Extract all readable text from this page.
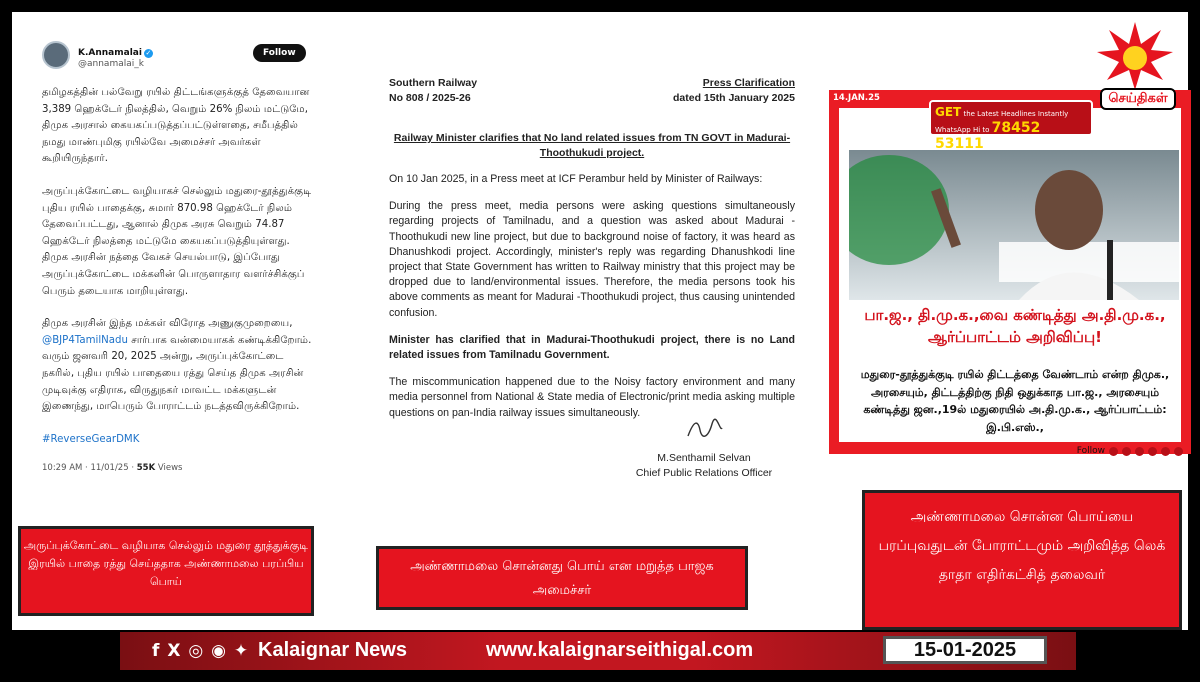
K.Annamalai ✓
@annamalai_k
Follow

தமிழகத்தின் பல்வேறு ரயில் திட்டங்களுக்குத் தேவையான 3,389 ஹெக்டேர் நிலத்தில், வெறும் 26% நிலம் மட்டுமே, திமுக அரசால் கையகப்படுத்தப்பட்டுள்ளதை, சமீபத்தில் நமது மாண்புமிகு ரயில்வே அமைச்சர் அவர்கள் கூறியிருந்தார்.

அருப்புக்கோட்டை வழியாகச் செல்லும் மதுரை-தூத்துக்குடி புதிய ரயில் பாதைக்கு, சுமார் 870.98 ஹெக்டேர் நிலம் தேவைப்பட்டது, ஆனால் திமுக அரசு வெறும் 74.87 ஹெக்டேர் நிலத்தை மட்டுமே கையகப்படுத்தியுள்ளது. திமுக அரசின் நத்தை வேகச் செயல்பாடு, இப்போது அருப்புக்கோட்டை மக்களின் பொருளாதார வளர்ச்சிக்குப் பெரும் தடையாக மாறியுள்ளது.

திமுக அரசின் இந்த மக்கள் விரோத அணுகுமுறையை, @BJP4TamilNadu சார்பாக வன்மையாகக் கண்டிக்கிறோம். வரும் ஜனவரி 20, 2025 அன்று, அருப்புக்கோட்டை நகரில், புதிய ரயில் பாதையை ரத்து செய்த திமுக அரசின் முடிவுக்கு எதிராக, விருதுநகர் மாவட்ட மக்களுடன் இணைந்து, மாபெரும் போராட்டம் நடத்தவிருக்கிறோம்.

#ReverseGearDMK

10:29 AM · 11/01/25 · 55K Views
Southern Railway
No 808 / 2025-26
Press Clarification
dated 15th January 2025
Railway Minister clarifies that No land related issues from TN GOVT in Madurai-Thoothukudi project.
On 10 Jan 2025, in a Press meet at ICF Perambur held by Minister of Railways:
During the press meet, media persons were asking questions simultaneously regarding projects of Tamilnadu, and a question was asked about Madurai - Thoothukudi new line project, but due to background noise of factory, it was heard as Dhanushkodi project. Accordingly, minister's reply was regarding Dhanushkodi line project that State Government has written to Railway ministry that this project may be dropped due to land/environmental issues. Therefore, the media persons took his above comments as meant for Madurai -Thoothukudi project, thus causing unintended confusion.
Minister has clarified that in Madurai-Thoothukudi project, there is no Land related issues from Tamilnadu Government.
The miscommunication happened due to the Noisy factory environment and many media personnel from National & State media of Electronic/print media asking multiple questions on pan-India railway issues simultaneously.
M.Senthamil Selvan
Chief Public Relations Officer
14.JAN.25
பா.ஜ., தி.மு.க.,வை கண்டித்து அ.தி.மு.க., ஆர்ப்பாட்டம் அறிவிப்பு!
மதுரை-தூத்துக்குடி ரயில் திட்டத்தை வேண்டாம் என்ற திமுக., அரசையும், திட்டத்திற்கு நிதி ஒதுக்காத பா.ஜ., அரசையும் கண்டித்து ஜன.,19ல் மதுரையில் அ.தி.மு.க., ஆர்ப்பாட்டம்: இ.பி.எஸ்.,
Follow
GET the Latest Headlines Instantly
WhatsApp Hi to 78452 53111
செய்திகள்
அருப்புக்கோட்டை வழியாக செல்லும் மதுரை தூத்துக்குடி இரயில் பாதை ரத்து செய்ததாக அண்ணாமலை பரப்பிய பொய்
அண்ணாமலை சொன்னது பொய் என மறுத்த பாஜக அமைச்சர்
அண்ணாமலை சொன்ன பொய்யை பரப்புவதுடன் போராட்டமும் அறிவித்த லெக் தாதா எதிர்கட்சித் தலைவர்
f X ◎ ◉ ✦ Kalaignar News	www.kalaignarseithigal.com	15-01-2025
